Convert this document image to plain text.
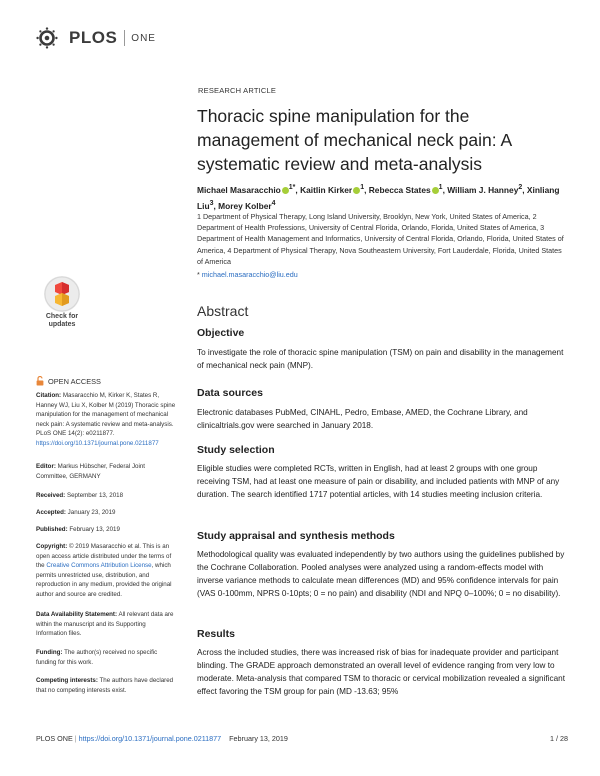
PLOS ONE
RESEARCH ARTICLE
Thoracic spine manipulation for the management of mechanical neck pain: A systematic review and meta-analysis
Michael Masaracchio $^{1*}$, Kaitlin Kirker $^1$, Rebecca States $^1$, William J. Hanney$^2$, Xinliang Liu$^3$, Morey Kolber$^4$
1 Department of Physical Therapy, Long Island University, Brooklyn, New York, United States of America, 2 Department of Health Professions, University of Central Florida, Orlando, Florida, United States of America, 3 Department of Health Management and Informatics, University of Central Florida, Orlando, Florida, United States of America, 4 Department of Physical Therapy, Nova Southeastern University, Fort Lauderdale, Florida, United States of America
* michael.masaracchio@liu.edu
Check for updates
OPEN ACCESS
Citation: Masaracchio M, Kirker K, States R, Hanney WJ, Liu X, Kolber M (2019) Thoracic spine manipulation for the management of mechanical neck pain: A systematic review and meta-analysis. PLoS ONE 14(2): e0211877. https://doi.org/10.1371/journal.pone.0211877
Editor: Markus Hübscher, Federal Joint Committee, GERMANY
Received: September 13, 2018
Accepted: January 23, 2019
Published: February 13, 2019
Copyright: © 2019 Masaracchio et al. This is an open access article distributed under the terms of the Creative Commons Attribution License, which permits unrestricted use, distribution, and reproduction in any medium, provided the original author and source are credited.
Data Availability Statement: All relevant data are within the manuscript and its Supporting Information files.
Funding: The author(s) received no specific funding for this work.
Competing interests: The authors have declared that no competing interests exist.
Abstract
Objective
To investigate the role of thoracic spine manipulation (TSM) on pain and disability in the management of mechanical neck pain (MNP).
Data sources
Electronic databases PubMed, CINAHL, Pedro, Embase, AMED, the Cochrane Library, and clinicaltrials.gov were searched in January 2018.
Study selection
Eligible studies were completed RCTs, written in English, had at least 2 groups with one group receiving TSM, had at least one measure of pain or disability, and included patients with MNP of any duration. The search identified 1717 potential articles, with 14 studies meeting inclusion criteria.
Study appraisal and synthesis methods
Methodological quality was evaluated independently by two authors using the guidelines published by the Cochrane Collaboration. Pooled analyses were analyzed using a random-effects model with inverse variance methods to calculate mean differences (MD) and 95% confidence intervals for pain (VAS 0-100mm, NPRS 0-10pts; 0 = no pain) and disability (NDI and NPQ 0–100%; 0 = no disability).
Results
Across the included studies, there was increased risk of bias for inadequate provider and participant blinding. The GRADE approach demonstrated an overall level of evidence ranging from very low to moderate. Meta-analysis that compared TSM to thoracic or cervical mobilization revealed a significant effect favoring the TSM group for pain (MD -13.63; 95%
PLOS ONE | https://doi.org/10.1371/journal.pone.0211877 February 13, 2019	1 / 28
